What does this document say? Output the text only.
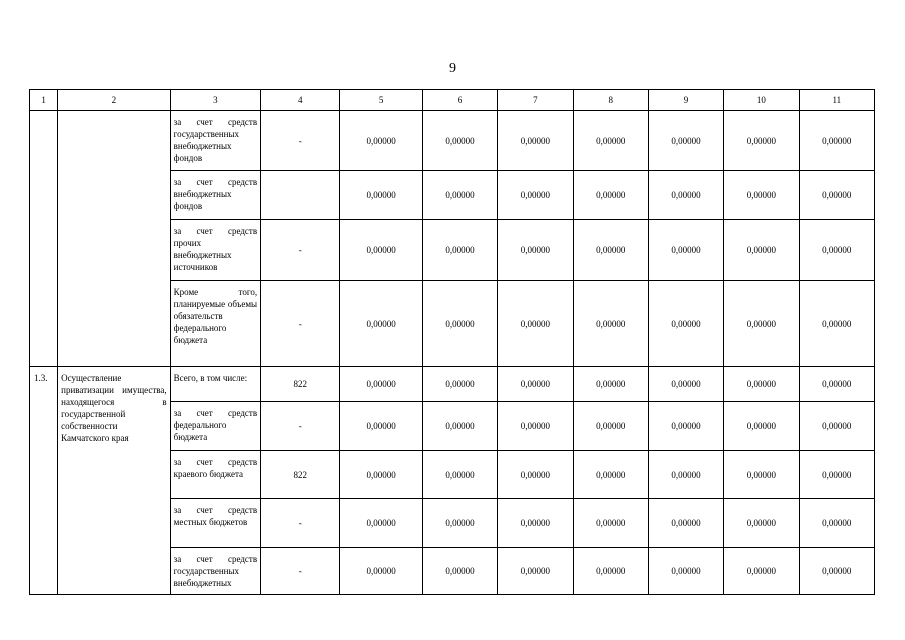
9
1	2	3	4	5	6	7	8	9	10	11
		за счет средств государственных внебюджетных фондов	-	0,00000	0,00000	0,00000	0,00000	0,00000	0,00000	0,00000
		за счет средств внебюджетных фондов		0,00000	0,00000	0,00000	0,00000	0,00000	0,00000	0,00000
		за счет средств прочих внебюджетных источников	-	0,00000	0,00000	0,00000	0,00000	0,00000	0,00000	0,00000
		Кроме того, планируемые объемы обязательств федерального бюджета	-	0,00000	0,00000	0,00000	0,00000	0,00000	0,00000	0,00000
1.3.	Осуществление приватизации имущества, находящегося в государственной собственности Камчатского края	Всего, в том числе:	822	0,00000	0,00000	0,00000	0,00000	0,00000	0,00000	0,00000
		за счет средств федерального бюджета	-	0,00000	0,00000	0,00000	0,00000	0,00000	0,00000	0,00000
		за счет средств краевого бюджета	822	0,00000	0,00000	0,00000	0,00000	0,00000	0,00000	0,00000
		за счет средств местных бюджетов	-	0,00000	0,00000	0,00000	0,00000	0,00000	0,00000	0,00000
		за счет средств государственных внебюджетных	-	0,00000	0,00000	0,00000	0,00000	0,00000	0,00000	0,00000
